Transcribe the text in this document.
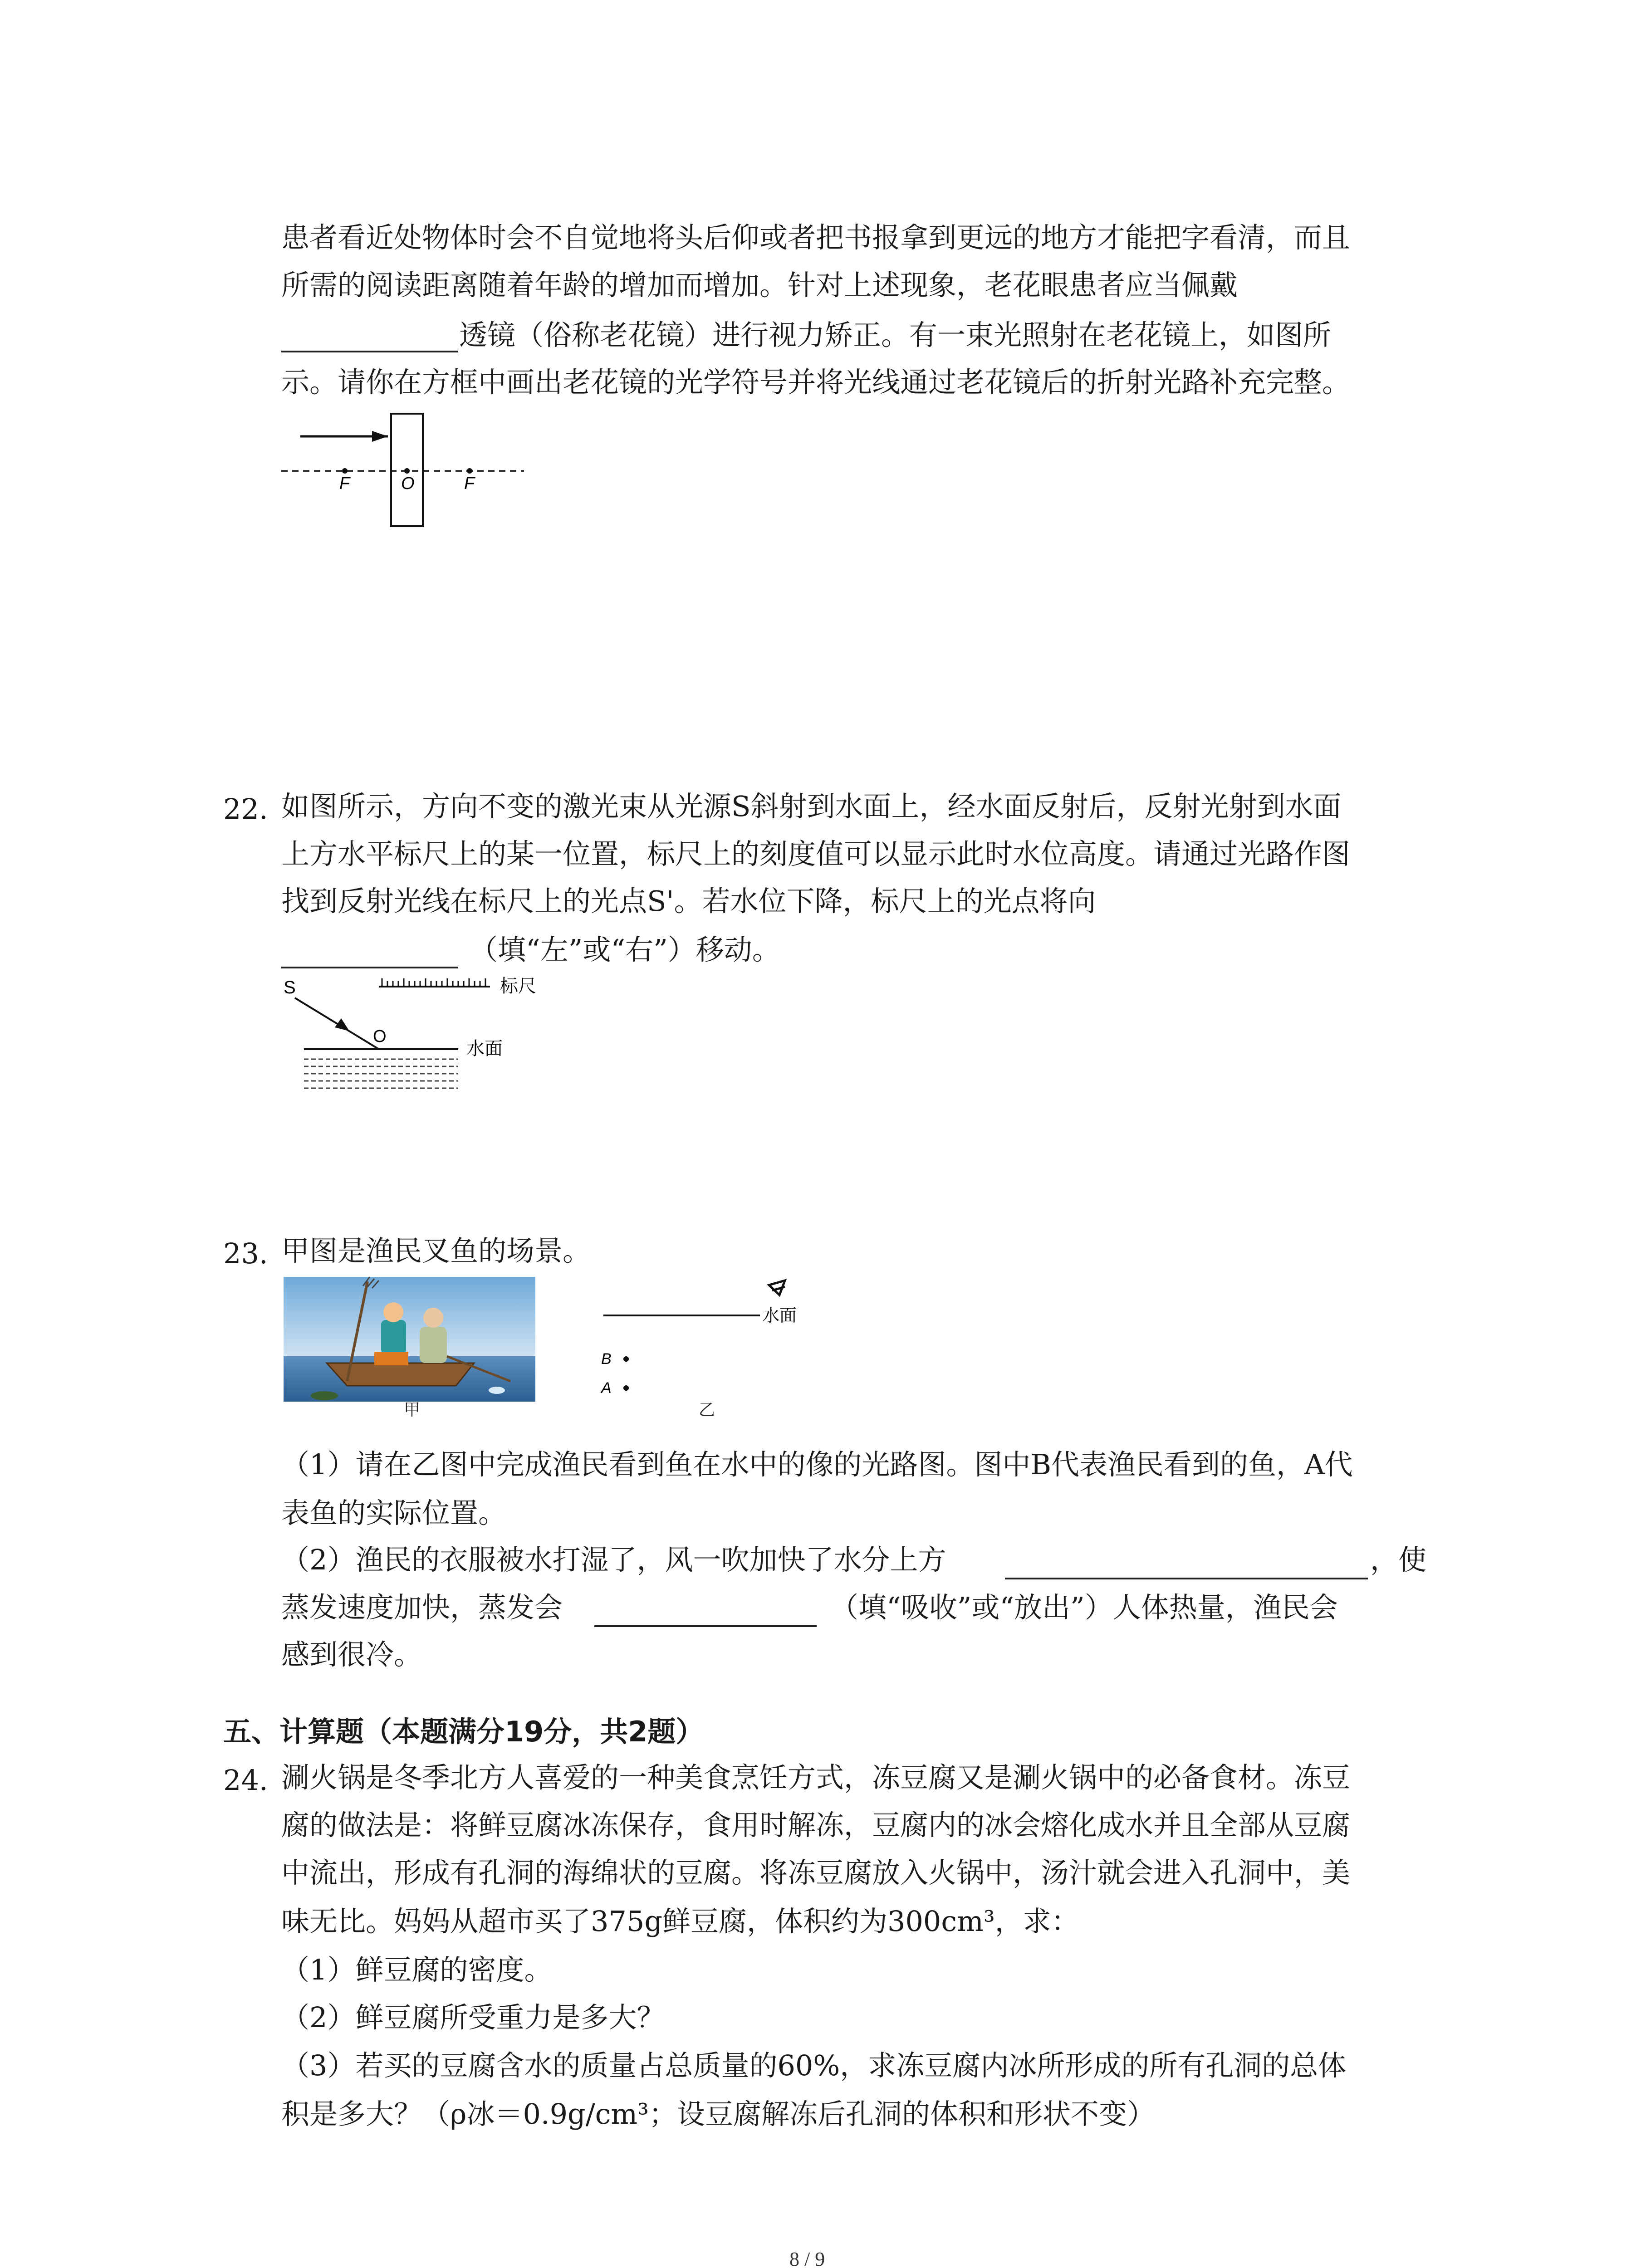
患者看近处物体时会不自觉地将头后仰或者把书报拿到更远的地方才能把字看清，而且
所需的阅读距离随着年龄的增加而增加。针对上述现象，老花眼患者应当佩戴
透镜（俗称老花镜）进行视力矫正。有一束光照射在老花镜上，如图所
示。请你在方框中画出老花镜的光学符号并将光线通过老花镜后的折射光路补充完整。
F	O	F
22. 如图所示，方向不变的激光束从光源S斜射到水面上，经水面反射后，反射光射到水面
上方水平标尺上的某一位置，标尺上的刻度值可以显示此时水位高度。请通过光路作图
找到反射光线在标尺上的光点S'。若水位下降，标尺上的光点将向
（填“左”或“右”）移动。
S	标尺
O
水面
23. 甲图是渔民叉鱼的场景。
甲
水面
B
A
乙
（1）请在乙图中完成渔民看到鱼在水中的像的光路图。图中B代表渔民看到的鱼，A代
表鱼的实际位置。
（2）渔民的衣服被水打湿了，风一吹加快了水分上方	，使
蒸发速度加快，蒸发会	（填“吸收”或“放出”）人体热量，渔民会
感到很冷。
五、计算题（本题满分19分，共2题）
24. 涮火锅是冬季北方人喜爱的一种美食烹饪方式，冻豆腐又是涮火锅中的必备食材。冻豆
腐的做法是：将鲜豆腐冰冻保存，食用时解冻，豆腐内的冰会熔化成水并且全部从豆腐
中流出，形成有孔洞的海绵状的豆腐。将冻豆腐放入火锅中，汤汁就会进入孔洞中，美
味无比。妈妈从超市买了375g鲜豆腐，体积约为300cm³，求：
（1）鲜豆腐的密度。
（2）鲜豆腐所受重力是多大？
（3）若买的豆腐含水的质量占总质量的60%，求冻豆腐内冰所形成的所有孔洞的总体
积是多大？（ρ冰＝0.9g/cm³；设豆腐解冻后孔洞的体积和形状不变）
8 / 9
